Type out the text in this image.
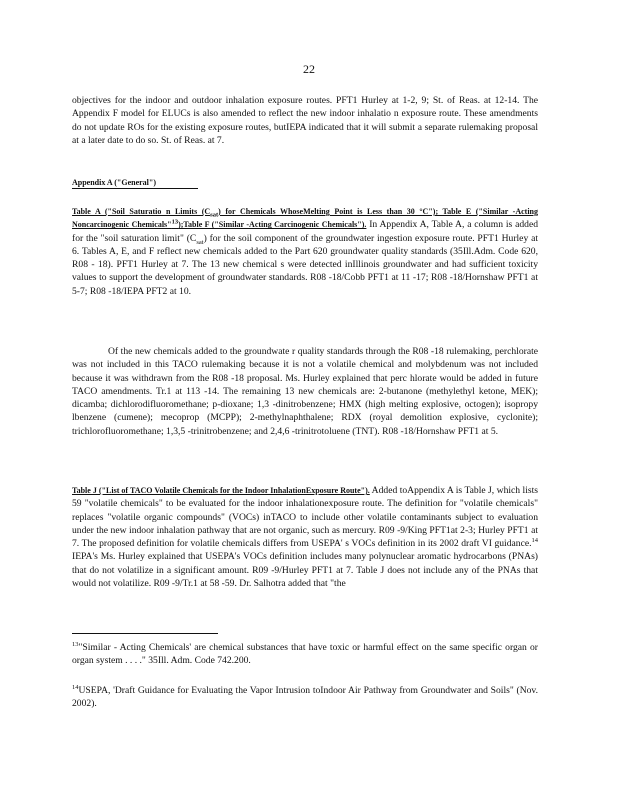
22

objectives for the indoor and outdoor inhalation exposure routes. PFT1 Hurley at 1-2, 9; St. of Reas. at 12-14. The Appendix F model for ELUCs is also amended to reflect the new indoor inhalatio n exposure route. These amendments do not update ROs for the existing exposure routes, butIEPA indicated that it will submit a separate rulemaking proposal at a later date to do so. St. of Reas. at 7.

Appendix A ("General")

Table A ("Soil Saturatio n Limits $(C_{sat})$ for Chemicals WhoseMelting Point is Less than 30 °C"); Table E ("Similar -Acting Noncarcinogenic Chemicals"$^{13}$);Table F ("Similar -Acting Carcinogenic Chemicals"). In Appendix A, Table A, a column is added for the "soil saturation limit" $(C_{sat})$ for the soil component of the groundwater ingestion exposure route. PFT1 Hurley at 6. Tables A, E, and F reflect new chemicals added to the Part 620 groundwater quality standards (35Ill.Adm. Code 620, R08 - 18). PFT1 Hurley at 7. The 13 new chemical s were detected inIllinois groundwater and had sufficient toxicity values to support the development of groundwater standards. R08 -18/Cobb PFT1 at 11 -17; R08 -18/Hornshaw PFT1 at 5-7; R08 -18/IEPA PFT2 at 10.

Of the new chemicals added to the groundwate r quality standards through the R08 -18 rulemaking, perchlorate was not included in this TACO rulemaking because it is not a volatile chemical and molybdenum was not included because it was withdrawn from the R08 -18 proposal. Ms. Hurley explained that perc hlorate would be added in future TACO amendments. Tr.1 at 113 -14. The remaining 13 new chemicals are: 2-butanone (methylethyl ketone, MEK); dicamba; dichlorodifluoromethane; p-dioxane; 1,3 -dinitrobenzene; HMX (high melting explosive, octogen); isopropy lbenzene (cumene); mecoprop (MCPP); 2-methylnaphthalene; RDX (royal demolition explosive, cyclonite); trichlorofluoromethane; 1,3,5 -trinitrobenzene; and 2,4,6 -trinitrotoluene (TNT). R08 -18/Hornshaw PFT1 at 5.

Table J ("List of TACO Volatile Chemicals for the Indoor InhalationExposure Route"). Added toAppendix A is Table J, which lists 59 "volatile chemicals" to be evaluated for the indoor inhalationexposure route. The definition for "volatile chemicals" replaces "volatile organic compounds" (VOCs) inTACO to include other volatile contaminants subject to evaluation under the new indoor inhalation pathway that are not organic, such as mercury. R09 -9/King PFT1at 2-3; Hurley PFT1 at 7. The proposed definition for volatile chemicals differs from USEPA' s VOCs definition in its 2002 draft VI guidance.$^{14}$ IEPA's Ms. Hurley explained that USEPA's VOCs definition includes many polynuclear aromatic hydrocarbons (PNAs) that do not volatilize in a significant amount. R09 -9/Hurley PFT1 at 7. Table J does not include any of the PNAs that would not volatilize. R09 -9/Tr.1 at 58 -59. Dr. Salhotra added that "the

$^{13}$"Similar - Acting Chemicals' are chemical substances that have toxic or harmful effect on the same specific organ or organ system . . . ." 35Ill. Adm. Code 742.200.
$^{14}$USEPA, 'Draft Guidance for Evaluating the Vapor Intrusion toIndoor Air Pathway from Groundwater and Soils" (Nov. 2002).
